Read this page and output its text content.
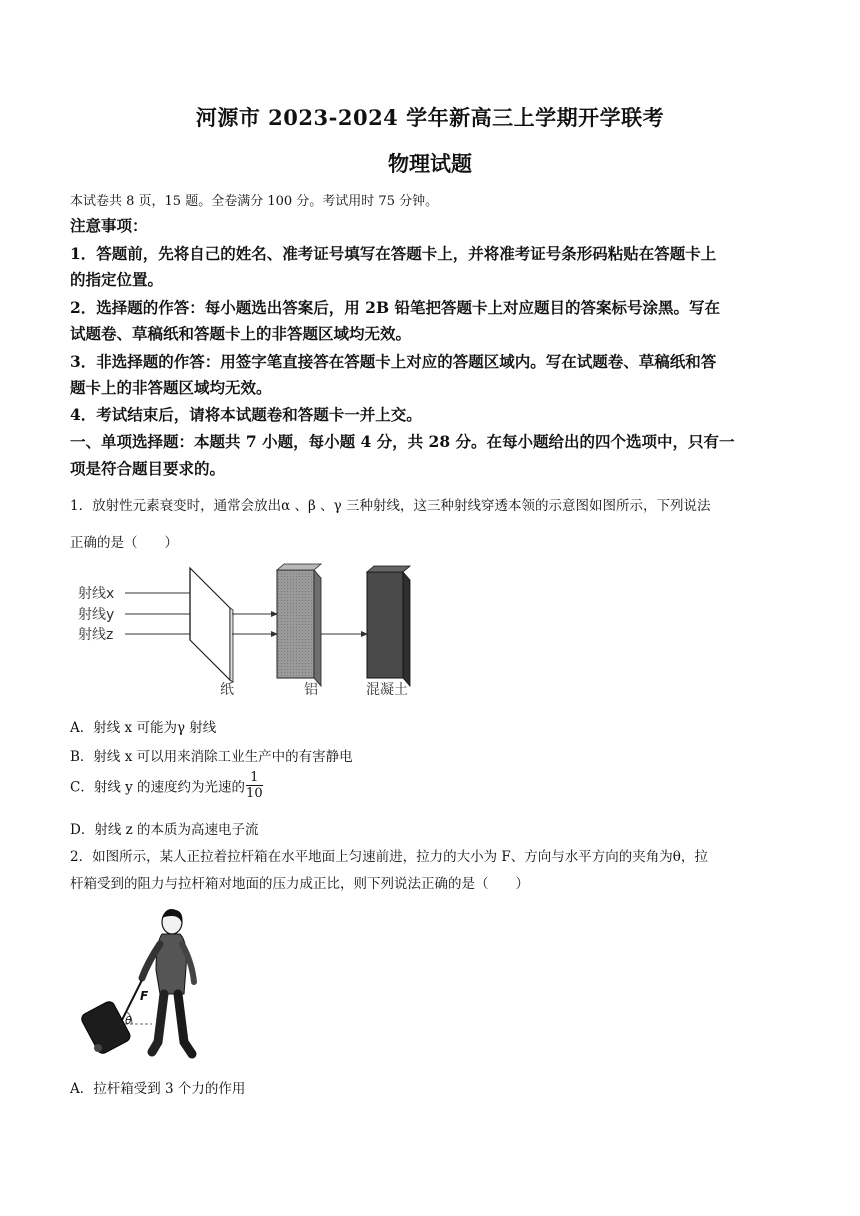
河源市 2023-2024 学年新高三上学期开学联考
物理试题
本试卷共 8 页，15 题。全卷满分 100 分。考试用时 75 分钟。
注意事项：
1．答题前，先将自己的姓名、准考证号填写在答题卡上，并将准考证号条形码粘贴在答题卡上
的指定位置。
2．选择题的作答：每小题选出答案后，用 2B 铅笔把答题卡上对应题目的答案标号涂黑。写在
试题卷、草稿纸和答题卡上的非答题区域均无效。
3．非选择题的作答：用签字笔直接答在答题卡上对应的答题区域内。写在试题卷、草稿纸和答
题卡上的非答题区域均无效。
4．考试结束后，请将本试题卷和答题卡一并上交。
一、单项选择题：本题共 7 小题，每小题 4 分，共 28 分。在每小题给出的四个选项中，只有一
项是符合题目要求的。
1．放射性元素衰变时，通常会放出α 、β 、γ 三种射线，这三种射线穿透本领的示意图如图所示，下列说法
正确的是（　　）
射线x
射线y
射线z
纸	铝	混凝土
A．射线 x 可能为γ 射线
B．射线 x 可以用来消除工业生产中的有害静电
C．射线 y 的速度约为光速的 $\frac{1}{10}$
D．射线 z 的本质为高速电子流
2．如图所示，某人正拉着拉杆箱在水平地面上匀速前进，拉力的大小为 F、方向与水平方向的夹角为θ，拉
杆箱受到的阻力与拉杆箱对地面的压力成正比，则下列说法正确的是（　　）
θ
F
A．拉杆箱受到 3 个力的作用
